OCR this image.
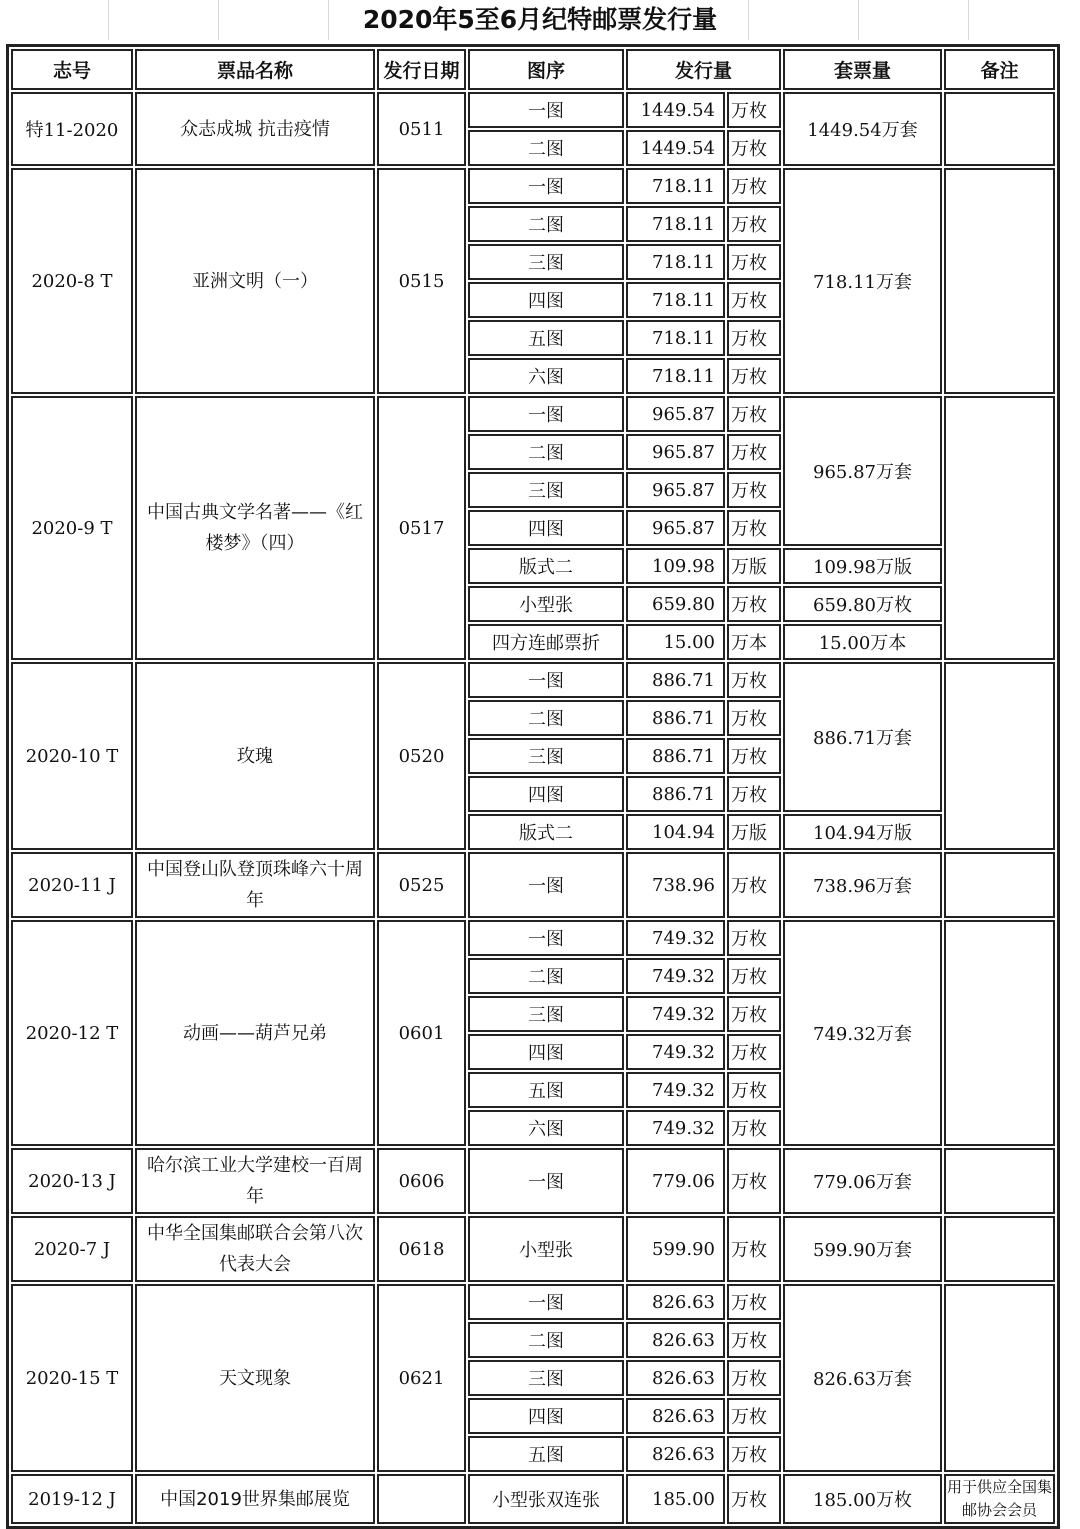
2020年5至6月纪特邮票发行量
志号	票品名称	发行日期	图序	发行量		套票量	备注
特11-2020	众志成城 抗击疫情	0511	一图	1449.54	万枚	1449.54万套	
			二图	1449.54	万枚		
2020-8 T	亚洲文明（一）	0515	一图	718.11	万枚	718.11万套	
			二图	718.11	万枚		
			三图	718.11	万枚		
			四图	718.11	万枚		
			五图	718.11	万枚		
			六图	718.11	万枚		
2020-9 T	中国古典文学名著——《红楼梦》（四）	0517	一图	965.87	万枚	965.87万套	
			二图	965.87	万枚		
			三图	965.87	万枚		
			四图	965.87	万枚		
			版式二	109.98	万版	109.98万版	
			小型张	659.80	万枚	659.80万枚	
			四方连邮票折	15.00	万本	15.00万本	
2020-10 T	玫瑰	0520	一图	886.71	万枚	886.71万套	
			二图	886.71	万枚		
			三图	886.71	万枚		
			四图	886.71	万枚		
			版式二	104.94	万版	104.94万版	
2020-11 J	中国登山队登顶珠峰六十周年	0525	一图	738.96	万枚	738.96万套	
2020-12 T	动画——葫芦兄弟	0601	一图	749.32	万枚	749.32万套	
			二图	749.32	万枚		
			三图	749.32	万枚		
			四图	749.32	万枚		
			五图	749.32	万枚		
			六图	749.32	万枚		
2020-13 J	哈尔滨工业大学建校一百周年	0606	一图	779.06	万枚	779.06万套	
2020-7 J	中华全国集邮联合会第八次代表大会	0618	小型张	599.90	万枚	599.90万套	
2020-15 T	天文现象	0621	一图	826.63	万枚	826.63万套	
			二图	826.63	万枚		
			三图	826.63	万枚		
			四图	826.63	万枚		
			五图	826.63	万枚		
2019-12 J	中国2019世界集邮展览		小型张双连张	185.00	万枚	185.00万枚	用于供应全国集邮协会会员
